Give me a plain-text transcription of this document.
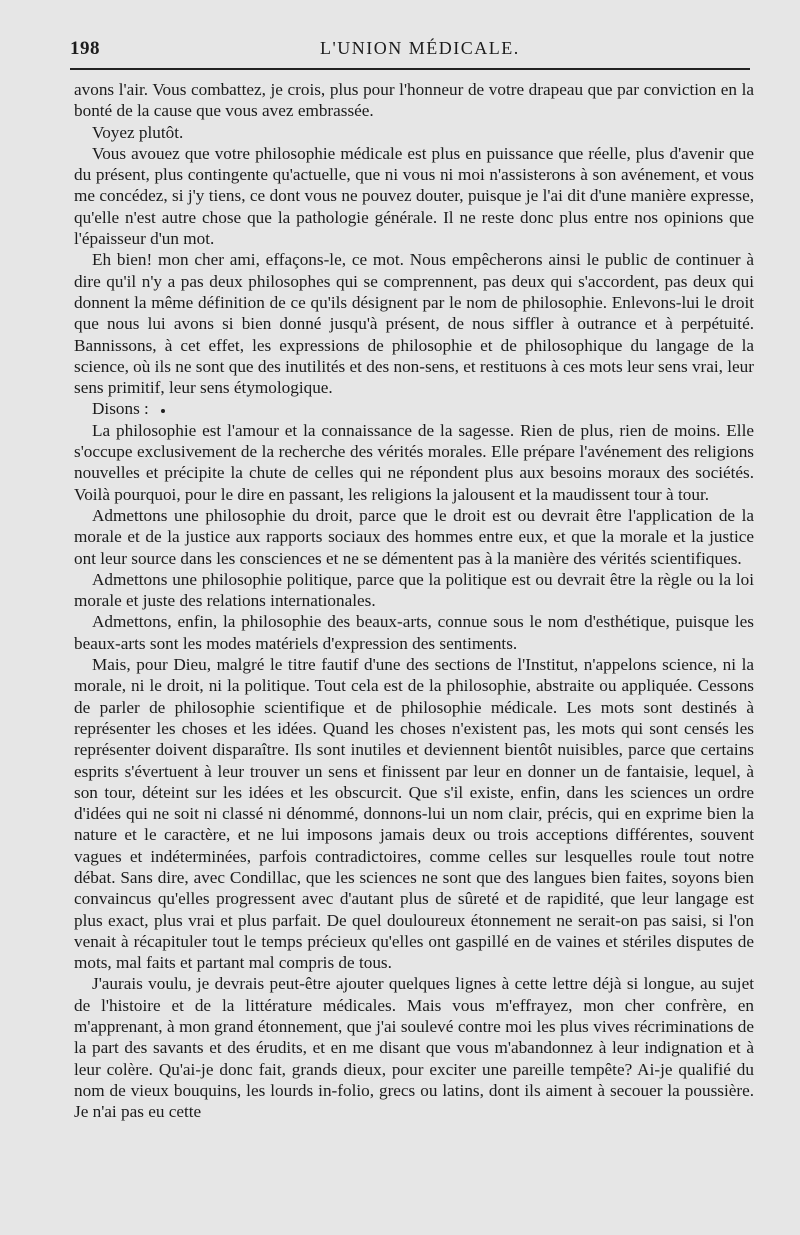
198	L'UNION MÉDICALE.

avons l'air. Vous combattez, je crois, plus pour l'honneur de votre drapeau que par conviction en la bonté de la cause que vous avez embrassée.

Voyez plutôt.

Vous avouez que votre philosophie médicale est plus en puissance que réelle, plus d'avenir que du présent, plus contingente qu'actuelle, que ni vous ni moi n'assisterons à son avénement, et vous me concédez, si j'y tiens, ce dont vous ne pouvez douter, puisque je l'ai dit d'une manière expresse, qu'elle n'est autre chose que la pathologie générale. Il ne reste donc plus entre nos opinions que l'épaisseur d'un mot.

Eh bien! mon cher ami, effaçons-le, ce mot. Nous empêcherons ainsi le public de continuer à dire qu'il n'y a pas deux philosophes qui se comprennent, pas deux qui s'accordent, pas deux qui donnent la même définition de ce qu'ils désignent par le nom de philosophie. Enlevons-lui le droit que nous lui avons si bien donné jusqu'à présent, de nous siffler à outrance et à perpétuité. Bannissons, à cet effet, les expressions de philosophie et de philosophique du langage de la science, où ils ne sont que des inutilités et des non-sens, et restituons à ces mots leur sens vrai, leur sens primitif, leur sens étymologique.

Disons :

La philosophie est l'amour et la connaissance de la sagesse. Rien de plus, rien de moins. Elle s'occupe exclusivement de la recherche des vérités morales. Elle prépare l'avénement des religions nouvelles et précipite la chute de celles qui ne répondent plus aux besoins moraux des sociétés. Voilà pourquoi, pour le dire en passant, les religions la jalousent et la maudissent tour à tour.

Admettons une philosophie du droit, parce que le droit est ou devrait être l'application de la morale et de la justice aux rapports sociaux des hommes entre eux, et que la morale et la justice ont leur source dans les consciences et ne se démentent pas à la manière des vérités scientifiques.

Admettons une philosophie politique, parce que la politique est ou devrait être la règle ou la loi morale et juste des relations internationales.

Admettons, enfin, la philosophie des beaux-arts, connue sous le nom d'esthétique, puisque les beaux-arts sont les modes matériels d'expression des sentiments.

Mais, pour Dieu, malgré le titre fautif d'une des sections de l'Institut, n'appelons science, ni la morale, ni le droit, ni la politique. Tout cela est de la philosophie, abstraite ou appliquée. Cessons de parler de philosophie scientifique et de philosophie médicale. Les mots sont destinés à représenter les choses et les idées. Quand les choses n'existent pas, les mots qui sont censés les représenter doivent disparaître. Ils sont inutiles et deviennent bientôt nuisibles, parce que certains esprits s'évertuent à leur trouver un sens et finissent par leur en donner un de fantaisie, lequel, à son tour, déteint sur les idées et les obscurcit. Que s'il existe, enfin, dans les sciences un ordre d'idées qui ne soit ni classé ni dénommé, donnons-lui un nom clair, précis, qui en exprime bien la nature et le caractère, et ne lui imposons jamais deux ou trois acceptions différentes, souvent vagues et indéterminées, parfois contradictoires, comme celles sur lesquelles roule tout notre débat. Sans dire, avec Condillac, que les sciences ne sont que des langues bien faites, soyons bien convaincus qu'elles progressent avec d'autant plus de sûreté et de rapidité, que leur langage est plus exact, plus vrai et plus parfait. De quel douloureux étonnement ne serait-on pas saisi, si l'on venait à récapituler tout le temps précieux qu'elles ont gaspillé en de vaines et stériles disputes de mots, mal faits et partant mal compris de tous.

J'aurais voulu, je devrais peut-être ajouter quelques lignes à cette lettre déjà si longue, au sujet de l'histoire et de la littérature médicales. Mais vous m'effrayez, mon cher confrère, en m'apprenant, à mon grand étonnement, que j'ai soulevé contre moi les plus vives récriminations de la part des savants et des érudits, et en me disant que vous m'abandonnez à leur indignation et à leur colère. Qu'ai-je donc fait, grands dieux, pour exciter une pareille tempête? Ai-je qualifié du nom de vieux bouquins, les lourds in-folio, grecs ou latins, dont ils aiment à secouer la poussière. Je n'ai pas eu cette
